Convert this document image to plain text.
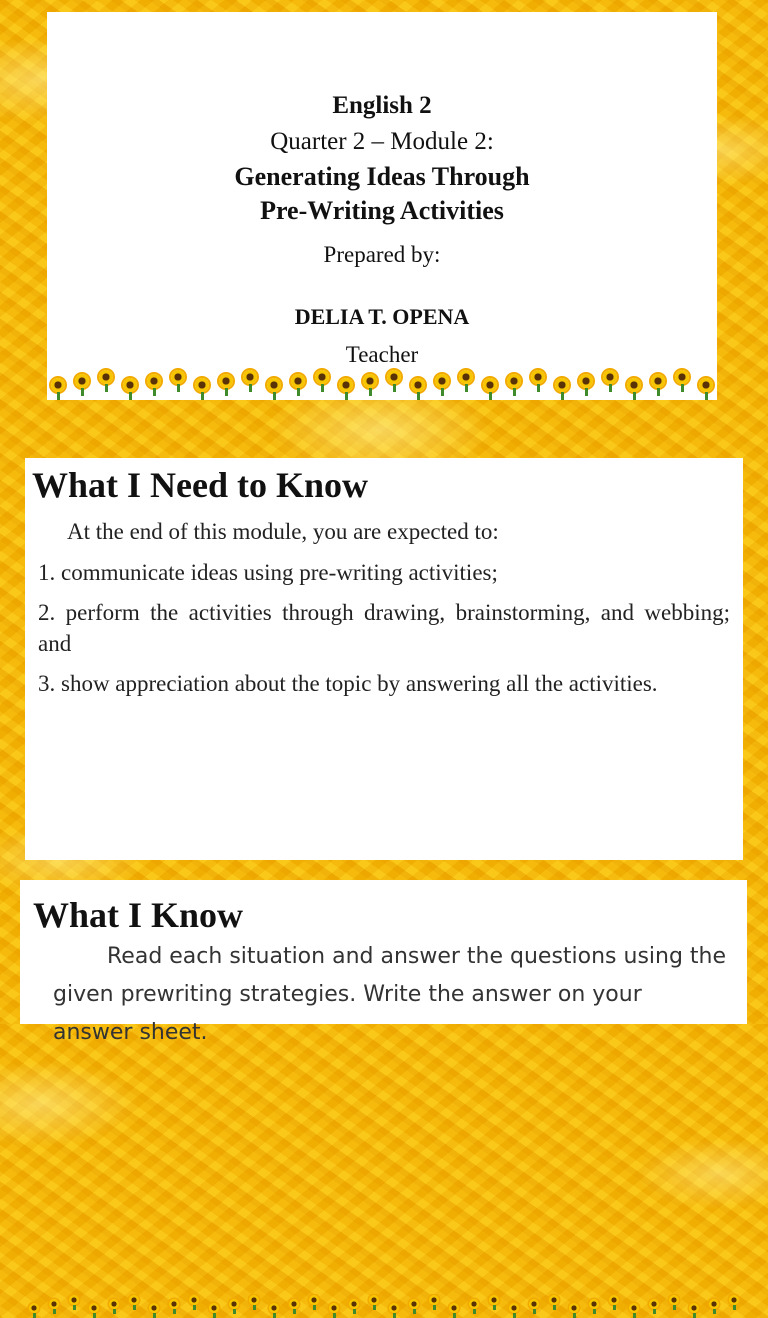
English 2
Quarter 2 – Module 2:
Generating Ideas Through
Pre-Writing Activities
Prepared by:
DELIA T. OPENA
Teacher
What I Need to Know
At the end of this module, you are expected to:
1. communicate ideas using pre-writing activities;
2. perform the activities through drawing, brainstorming, and webbing; and
3. show appreciation about the topic by answering all the activities.
What I Know
Read each situation and answer the questions using the given prewriting strategies. Write the answer on your answer sheet.
